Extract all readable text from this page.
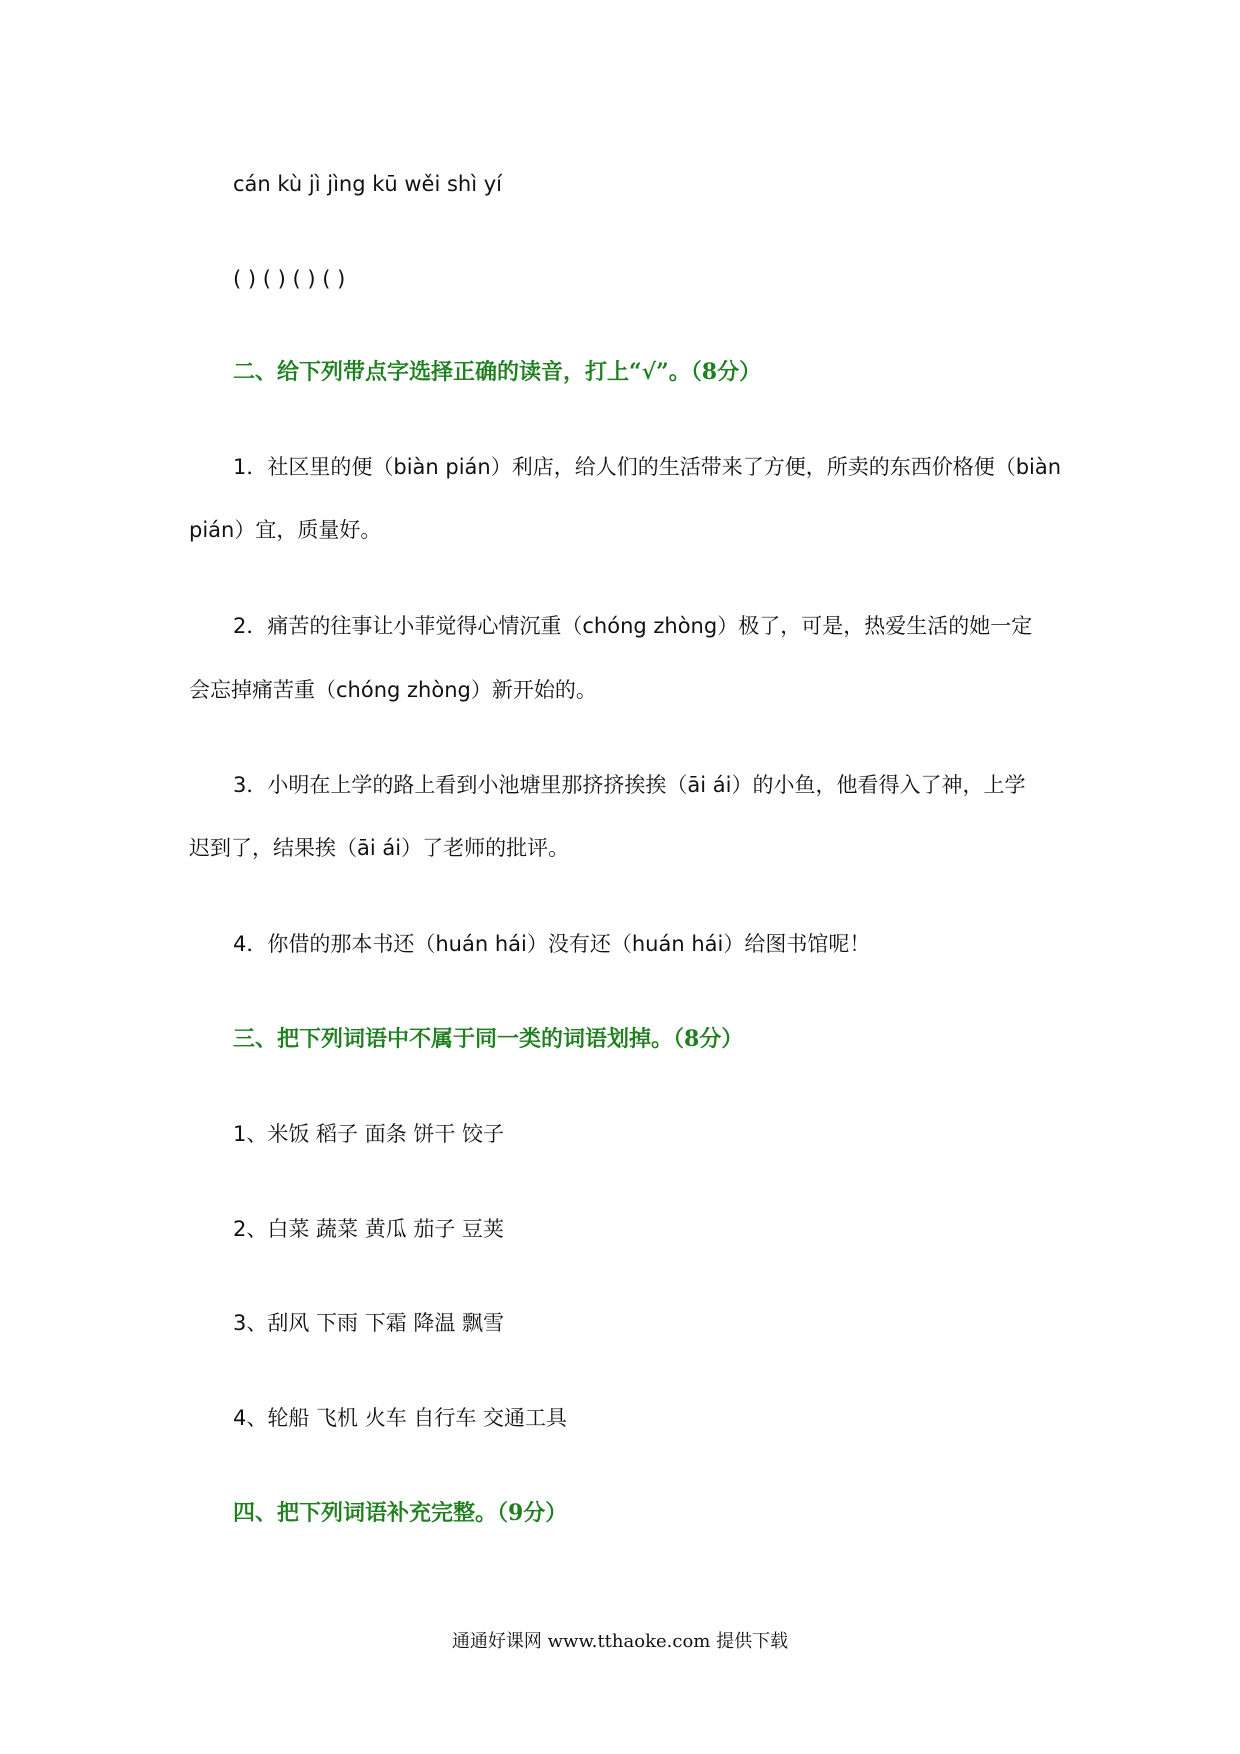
cán kù jì jìng kū wěi shì yí
( ) ( ) ( ) ( )
二、给下列带点字选择正确的读音，打上“√”。（8分）
1．社区里的便（biàn pián）利店，给人们的生活带来了方便，所卖的东西价格便（biàn
pián）宜，质量好。
2．痛苦的往事让小菲觉得心情沉重（chóng zhòng）极了，可是，热爱生活的她一定
会忘掉痛苦重（chóng zhòng）新开始的。
3．小明在上学的路上看到小池塘里那挤挤挨挨（āi ái）的小鱼，他看得入了神，上学
迟到了，结果挨（āi ái）了老师的批评。
4．你借的那本书还（huán hái）没有还（huán hái）给图书馆呢！
三、把下列词语中不属于同一类的词语划掉。（8分）
1、米饭 稻子 面条 饼干 饺子
2、白菜 蔬菜 黄瓜 茄子 豆荚
3、刮风 下雨 下霜 降温 飘雪
4、轮船 飞机 火车 自行车 交通工具
四、把下列词语补充完整。（9分）
通通好课网 www.tthaoke.com 提供下载
